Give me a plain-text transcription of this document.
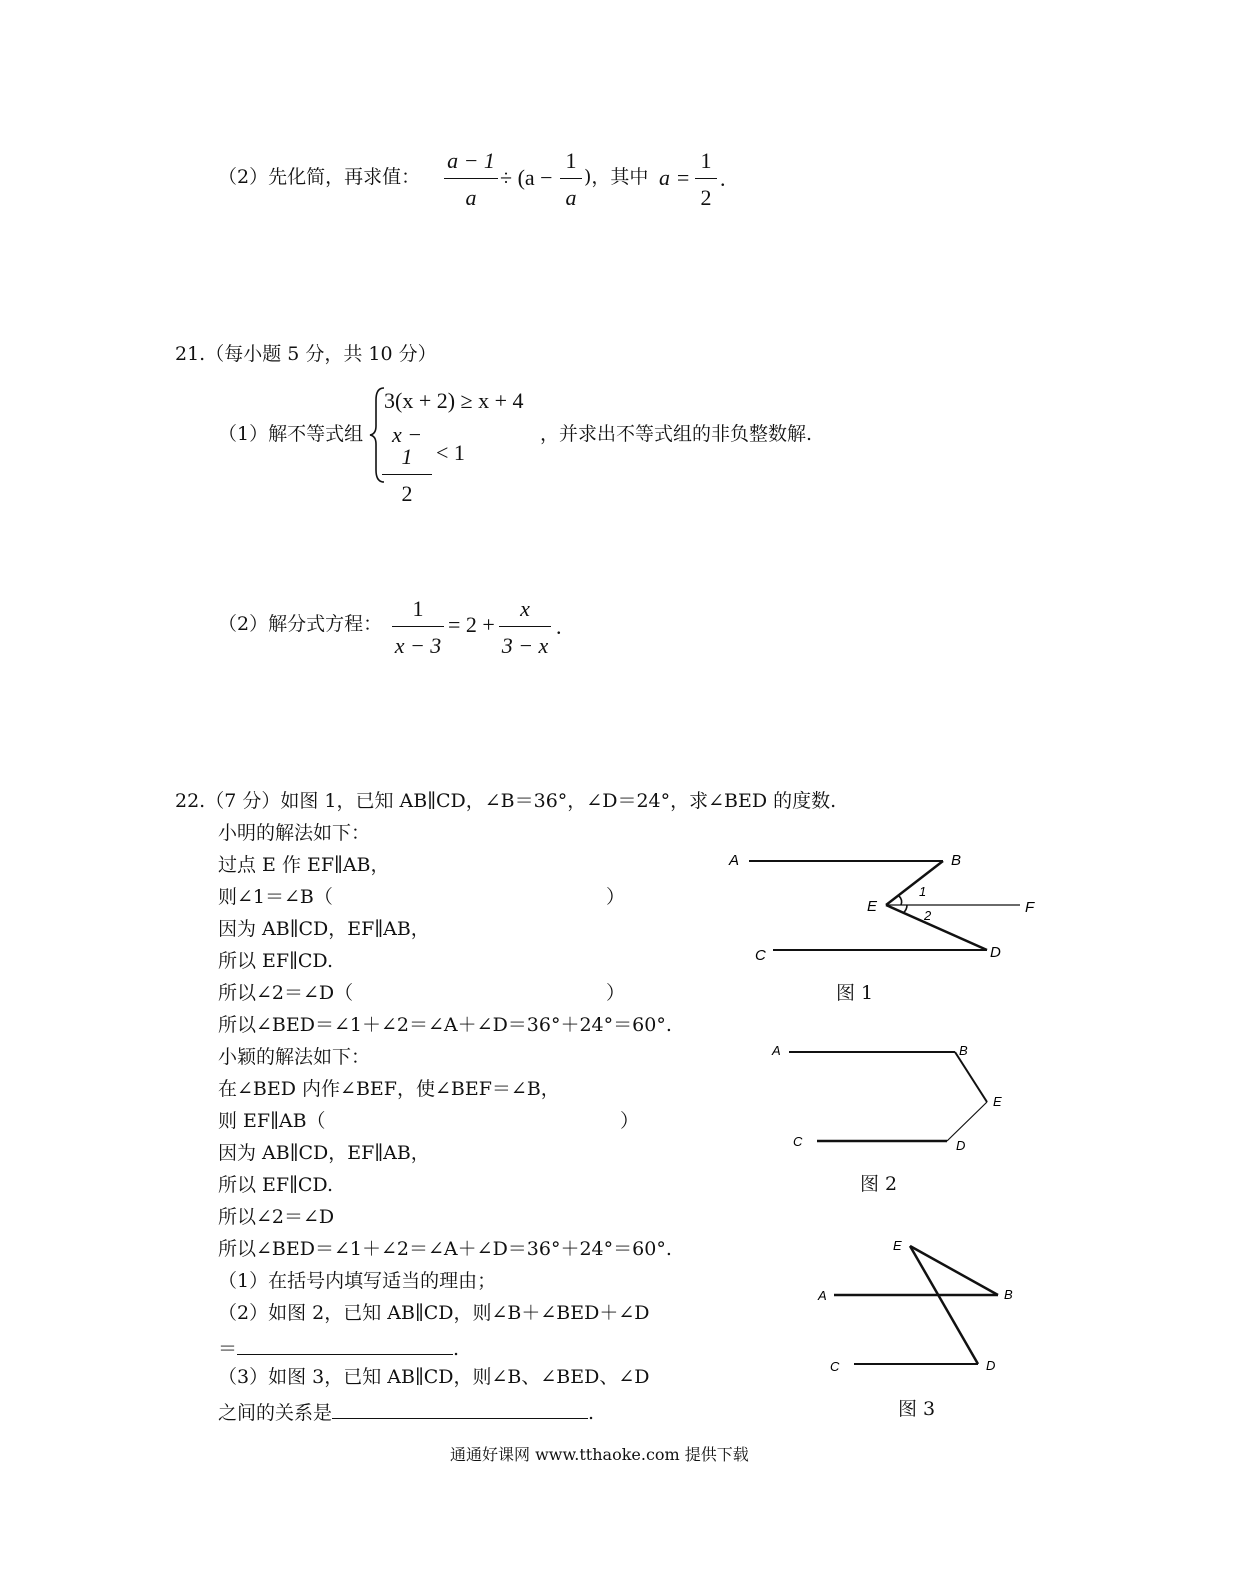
（2）先化简，再求值： $\frac{a - 1}{a} \div (a - \frac{1}{a}$ )，其中 $a = \frac{1}{2}$ .
21.（每小题 5 分，共 10 分）
（1）解不等式组
3(x + 2) ≥ x + 4
$\frac{x - 1}{2} < 1$
，并求出不等式组的非负整数解.
（2）解分式方程： $\frac{1}{x - 3} = 2 + \frac{x}{3 - x}$ .
22.（7 分）如图 1，已知 AB∥CD，∠B＝36°，∠D＝24°，求∠BED 的度数.
小明的解法如下：
过点 E 作 EF∥AB，
则∠1＝∠B（	）
因为 AB∥CD，EF∥AB，
所以 EF∥CD.
所以∠2＝∠D（	）
所以∠BED＝∠1＋∠2＝∠A＋∠D＝36°＋24°＝60°.
小颖的解法如下：
在∠BED 内作∠BEF，使∠BEF＝∠B，
则 EF∥AB（	）
因为 AB∥CD，EF∥AB，
所以 EF∥CD.
所以∠2＝∠D
所以∠BED＝∠1＋∠2＝∠A＋∠D＝36°＋24°＝60°.
（1）在括号内填写适当的理由；
（2）如图 2，已知 AB∥CD，则∠B＋∠BED＋∠D
＝	.
（3）如图 3，已知 AB∥CD，则∠B、∠BED、∠D
之间的关系是	.
A	B
E	F
C	D
1
2
图 1
A	B
E
C	D
图 2
E
A	B
C	D
图 3
通通好课网 www.tthaoke.com 提供下载
